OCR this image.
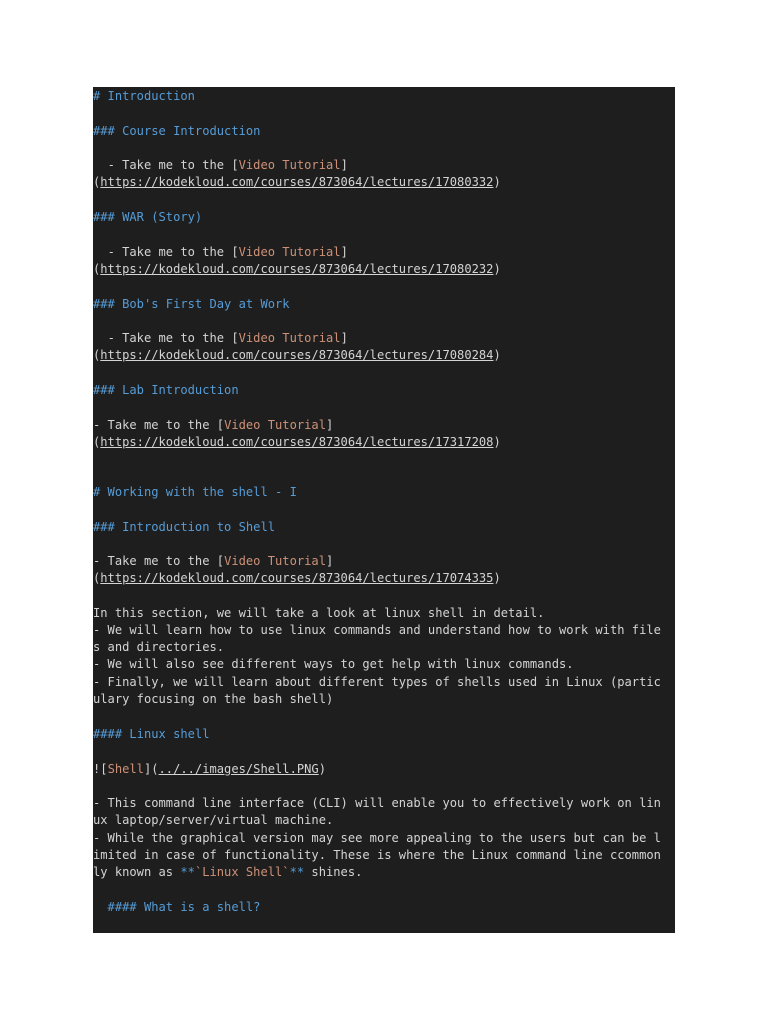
# Introduction
### Course Introduction
- Take me to the [Video Tutorial]
(https://kodekloud.com/courses/873064/lectures/17080332)
### WAR (Story)
- Take me to the [Video Tutorial]
(https://kodekloud.com/courses/873064/lectures/17080232)
### Bob's First Day at Work
- Take me to the [Video Tutorial]
(https://kodekloud.com/courses/873064/lectures/17080284)
### Lab Introduction
- Take me to the [Video Tutorial]
(https://kodekloud.com/courses/873064/lectures/17317208)
# Working with the shell - I
### Introduction to Shell
- Take me to the [Video Tutorial]
(https://kodekloud.com/courses/873064/lectures/17074335)
In this section, we will take a look at linux shell in detail.
- We will learn how to use linux commands and understand how to work with file
s and directories.
- We will also see different ways to get help with linux commands.
- Finally, we will learn about different types of shells used in Linux (partic
ulary focusing on the bash shell)
#### Linux shell
![Shell](../../images/Shell.PNG)
- This command line interface (CLI) will enable you to effectively work on lin
ux laptop/server/virtual machine.
- While the graphical version may see more appealing to the users but can be l
imited in case of functionality. These is where the Linux command line ccommon
ly known as **`Linux Shell`** shines.
#### What is a shell?
